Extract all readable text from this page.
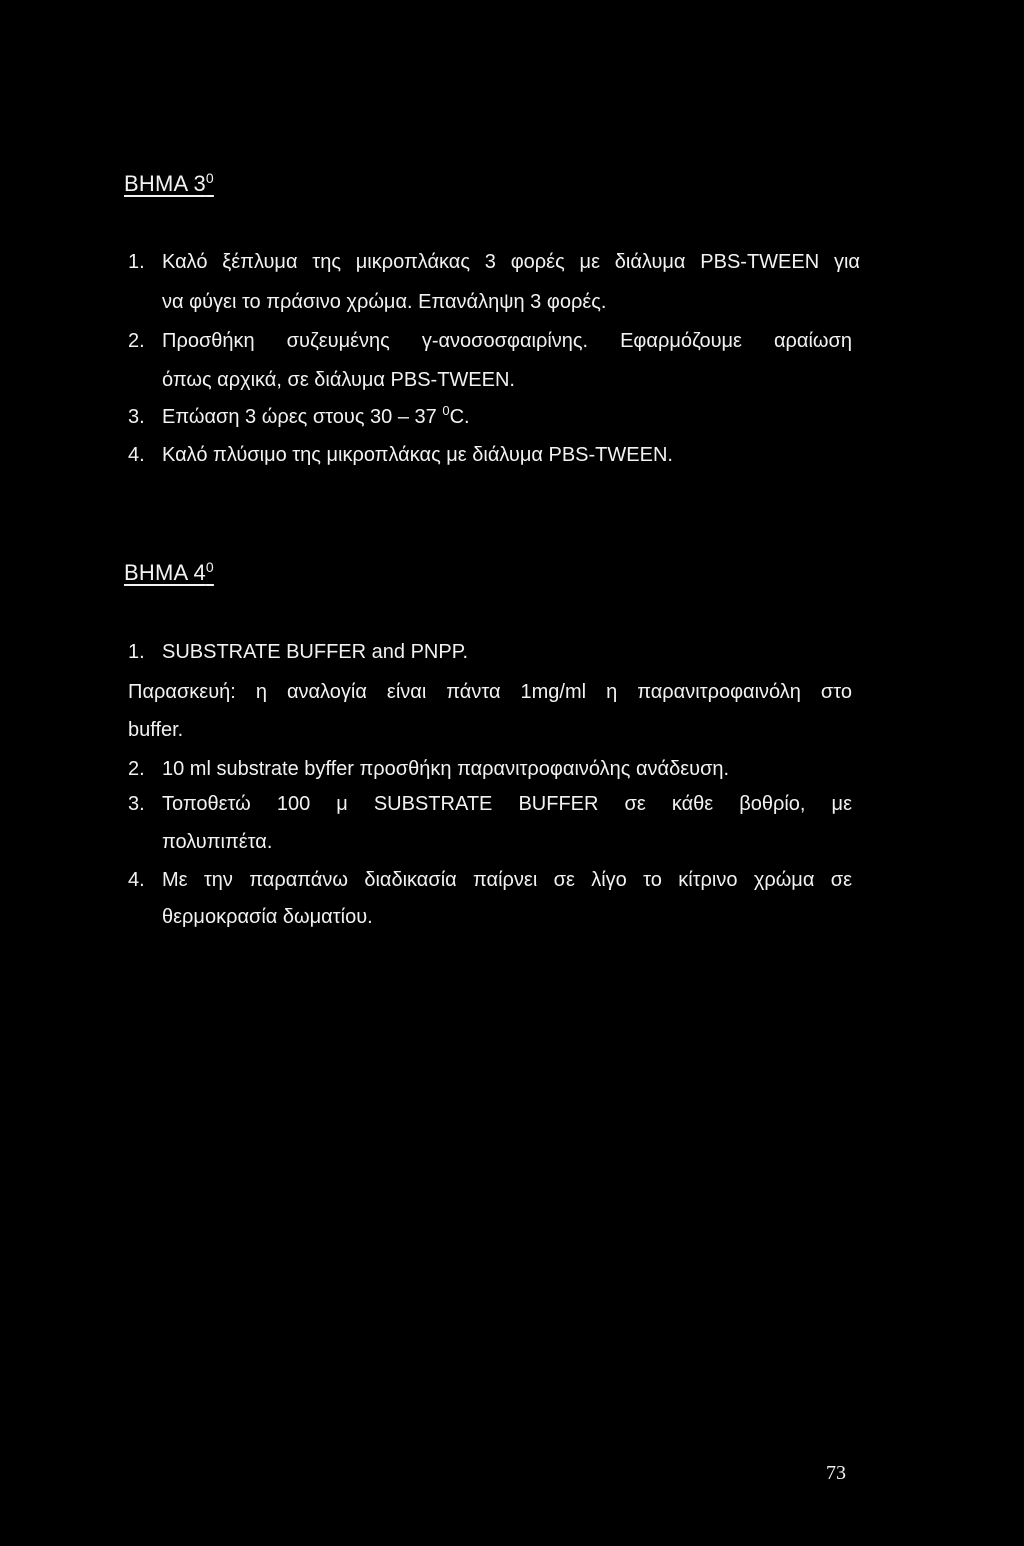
ΒΗΜΑ $3^0$
1. Καλό ξέπλυμα της μικροπλάκας 3 φορές με διάλυμα PBS-TWEEN για
να φύγει το πράσινο χρώμα. Επανάληψη 3 φορές.
2. Προσθήκη συζευμένης γ-ανοσοσφαιρίνης. Εφαρμόζουμε αραίωση
όπως αρχικά, σε διάλυμα PBS-TWEEN.
3. Επώαση 3 ώρες στους 30 – 37 $^0$C.
4. Καλό πλύσιμο της μικροπλάκας με διάλυμα PBS-TWEEN.
ΒΗΜΑ $4^0$
1. SUBSTRATE BUFFER and PNPP.
Παρασκευή: η αναλογία είναι πάντα 1mg/ml η παρανιτροφαινόλη στο
buffer.
2. 10 ml substrate byffer προσθήκη παρανιτροφαινόλης ανάδευση.
3. Τοποθετώ 100 μ SUBSTRATE BUFFER σε κάθε βοθρίο, με
πολυπιπέτα.
4. Με την παραπάνω διαδικασία παίρνει σε λίγο το κίτρινο χρώμα σε
θερμοκρασία δωματίου.
73
